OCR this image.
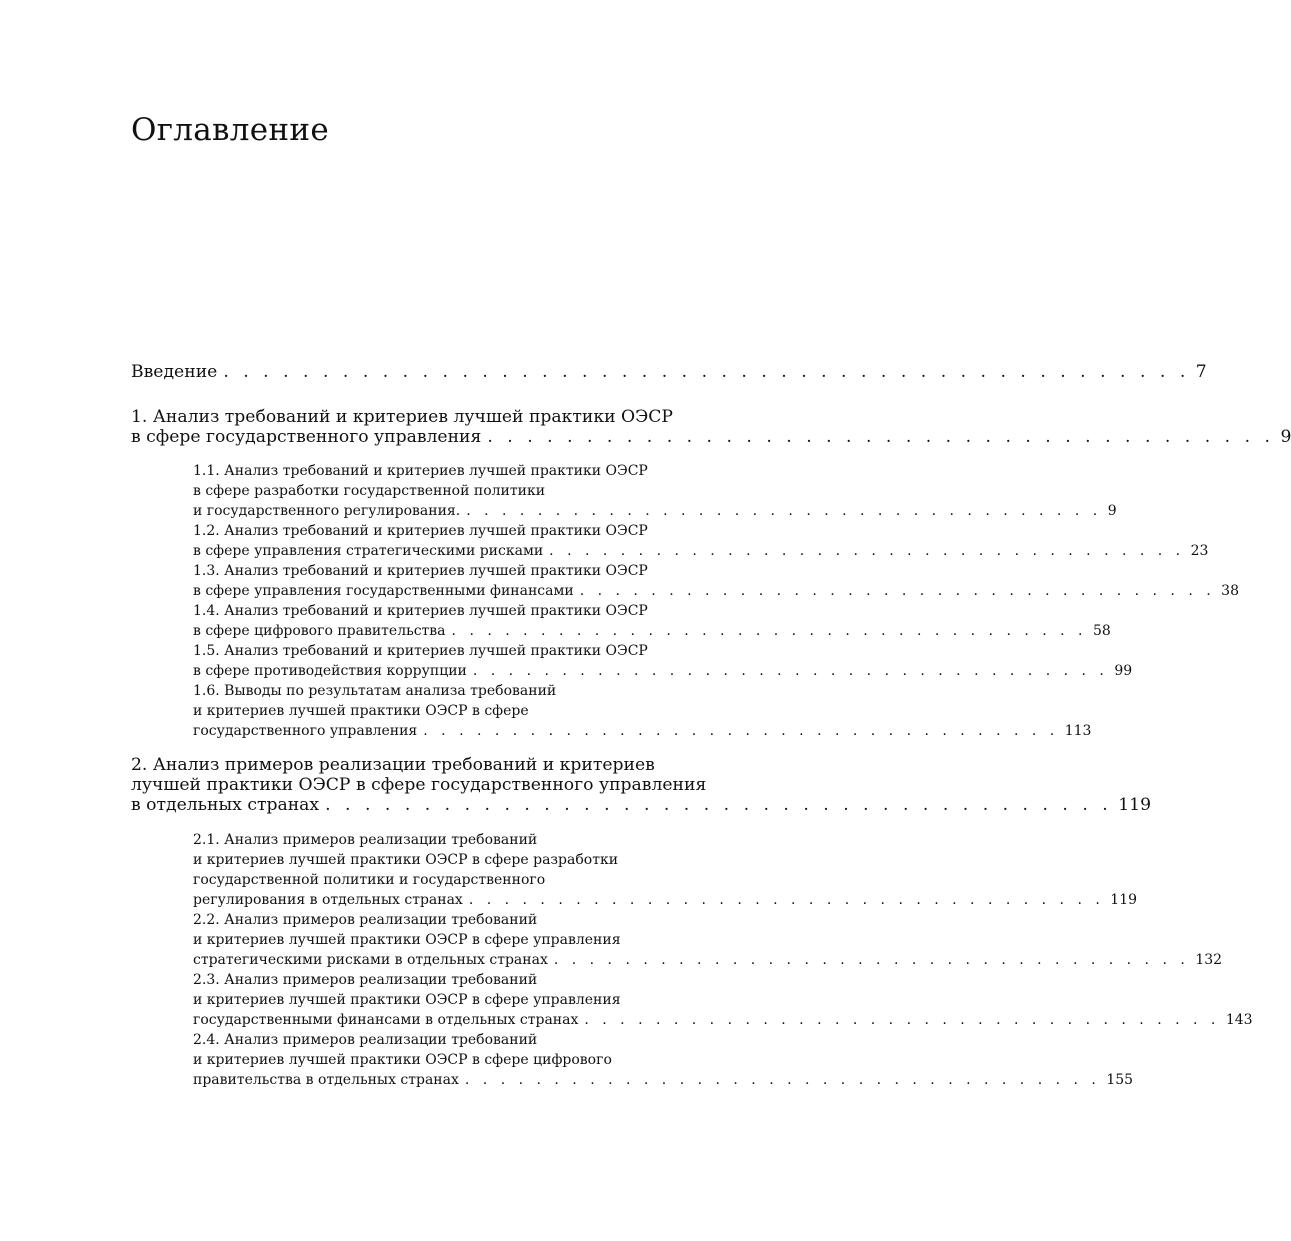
Оглавление
Введение . . . . . . . . . . . . . . . . . . . . . . . . . . . . . . . . . . . . . . . . . . . . . . . . . 7
1. Анализ требований и критериев лучшей практики ОЭСР
в сфере государственного управления . . . . . . . . . . . . . . . . . . . . . . . . . . . . . . . . . . . . . . . . 9
1.1. Анализ требований и критериев лучшей практики ОЭСР
в сфере разработки государственной политики
и государственного регулирования. . . . . . . . . . . . . . . . . . . . . . . . . . . . . . . . . . . . . 9
1.2. Анализ требований и критериев лучшей практики ОЭСР
в сфере управления стратегическими рисками . . . . . . . . . . . . . . . . . . . . . . . . . . . . . . . . . . . . 23
1.3. Анализ требований и критериев лучшей практики ОЭСР
в сфере управления государственными финансами . . . . . . . . . . . . . . . . . . . . . . . . . . . . . . . . . . . . 38
1.4. Анализ требований и критериев лучшей практики ОЭСР
в сфере цифрового правительства . . . . . . . . . . . . . . . . . . . . . . . . . . . . . . . . . . . . 58
1.5. Анализ требований и критериев лучшей практики ОЭСР
в сфере противодействия коррупции . . . . . . . . . . . . . . . . . . . . . . . . . . . . . . . . . . . . 99
1.6. Выводы по результатам анализа требований
и критериев лучшей практики ОЭСР в сфере
государственного управления . . . . . . . . . . . . . . . . . . . . . . . . . . . . . . . . . . . . 113
2. Анализ примеров реализации требований и критериев
лучшей практики ОЭСР в сфере государственного управления
в отдельных странах . . . . . . . . . . . . . . . . . . . . . . . . . . . . . . . . . . . . . . . . 119
2.1. Анализ примеров реализации требований
и критериев лучшей практики ОЭСР в сфере разработки
государственной политики и государственного
регулирования в отдельных странах . . . . . . . . . . . . . . . . . . . . . . . . . . . . . . . . . . . . 119
2.2. Анализ примеров реализации требований
и критериев лучшей практики ОЭСР в сфере управления
стратегическими рисками в отдельных странах . . . . . . . . . . . . . . . . . . . . . . . . . . . . . . . . . . . . 132
2.3. Анализ примеров реализации требований
и критериев лучшей практики ОЭСР в сфере управления
государственными финансами в отдельных странах . . . . . . . . . . . . . . . . . . . . . . . . . . . . . . . . . . . . 143
2.4. Анализ примеров реализации требований
и критериев лучшей практики ОЭСР в сфере цифрового
правительства в отдельных странах . . . . . . . . . . . . . . . . . . . . . . . . . . . . . . . . . . . . 155
